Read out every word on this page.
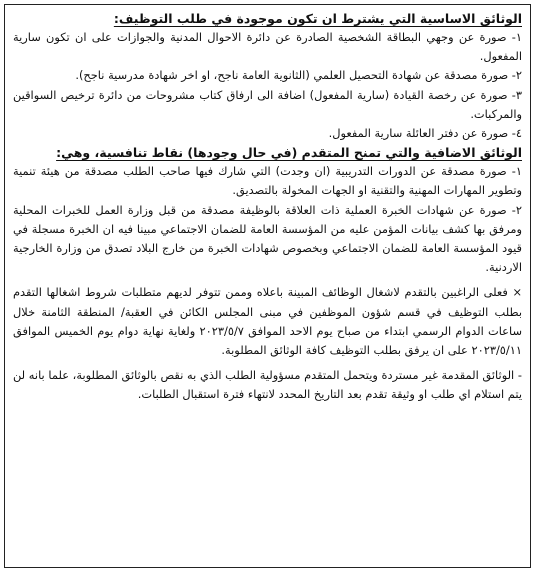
الوثائق الاساسية التي يشترط ان تكون موجودة في طلب التوظيف:

١- صورة عن وجهي البطاقة الشخصية الصادرة عن دائرة الاحوال المدنية والجوازات على ان تكون سارية المفعول.

٢- صورة مصدقة عن شهادة التحصيل العلمي (الثانوية العامة ناجح، او اخر شهادة مدرسية ناجح).

٣- صورة عن رخصة القيادة (سارية المفعول) اضافة الى ارفاق كتاب مشروحات من دائرة ترخيص السواقين والمركبات.

٤- صورة عن دفتر العائلة سارية المفعول.

الوثائق الاضافية والتي تمنح المتقدم (في حال وجودها) نقاط تنافسية، وهي:

١- صورة مصدقة عن الدورات التدريبية (ان وجدت) التي شارك فيها صاحب الطلب مصدقة من هيئة تنمية وتطوير المهارات المهنية والتقنية او الجهات المخولة بالتصديق.

٢- صورة عن شهادات الخبرة العملية ذات العلاقة بالوظيفة مصدقة من قبل وزارة العمل للخبرات المحلية ومرفق بها كشف بيانات المؤمن عليه من المؤسسة العامة للضمان الاجتماعي مبينا فيه ان الخبرة مسجلة في قيود المؤسسة العامة للضمان الاجتماعي وبخصوص شهادات الخبرة من خارج البلاد تصدق من وزارة الخارجية الاردنية.

× فعلى الراغبين بالتقدم لاشغال الوظائف المبينة باعلاه وممن تتوفر لديهم متطلبات شروط اشغالها التقدم بطلب التوظيف في قسم شؤون الموظفين في مبنى المجلس الكائن في العقبة/ المنطقة الثامنة خلال ساعات الدوام الرسمي ابتداء من صباح يوم الاحد الموافق ٢٠٢٣/٥/٧ ولغاية نهاية دوام يوم الخميس الموافق ٢٠٢٣/٥/١١ على ان يرفق بطلب التوظيف كافة الوثائق المطلوبة.

- الوثائق المقدمة غير مستردة ويتحمل المتقدم مسؤولية الطلب الذي به نقص بالوثائق المطلوبة، علما بانه لن يتم استلام اي طلب او وثيقة تقدم بعد التاريخ المحدد لانتهاء فترة استقبال الطلبات.
